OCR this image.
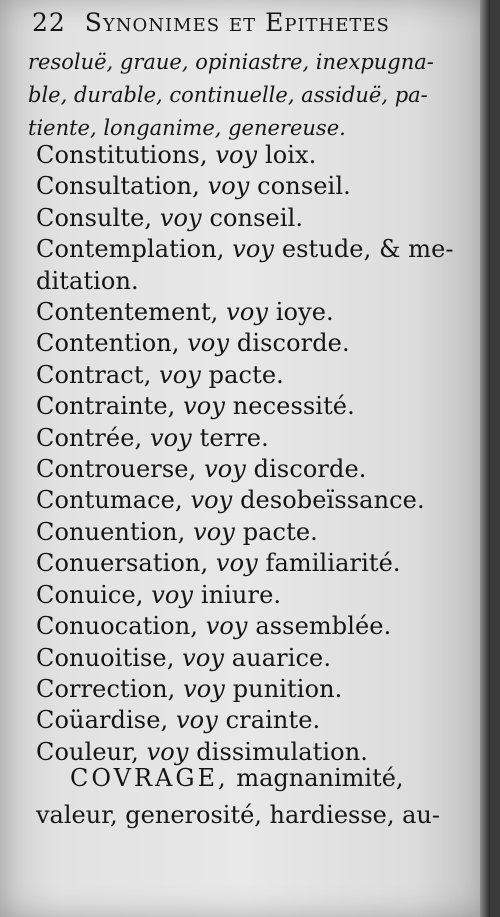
22 Synonimes et Epithetes
resoluë, graue, opiniastre, inexpugna-
ble, durable, continuelle, assiduë, pa-
tiente, longanime, genereuse.
Constitutions, voy loix.
Consultation, voy conseil.
Consulte, voy conseil.
Contemplation, voy estude, & me-
ditation.
Contentement, voy ioye.
Contention, voy discorde.
Contract, voy pacte.
Contrainte, voy necessité.
Contrée, voy terre.
Controuerse, voy discorde.
Contumace, voy desobeïssance.
Conuention, voy pacte.
Conuersation, voy familiarité.
Conuice, voy iniure.
Conuocation, voy assemblée.
Conuoitise, voy auarice.
Correction, voy punition.
Coüardise, voy crainte.
Couleur, voy dissimulation.
COVRAGE, magnanimité,
valeur, generosité, hardiesse, au-
